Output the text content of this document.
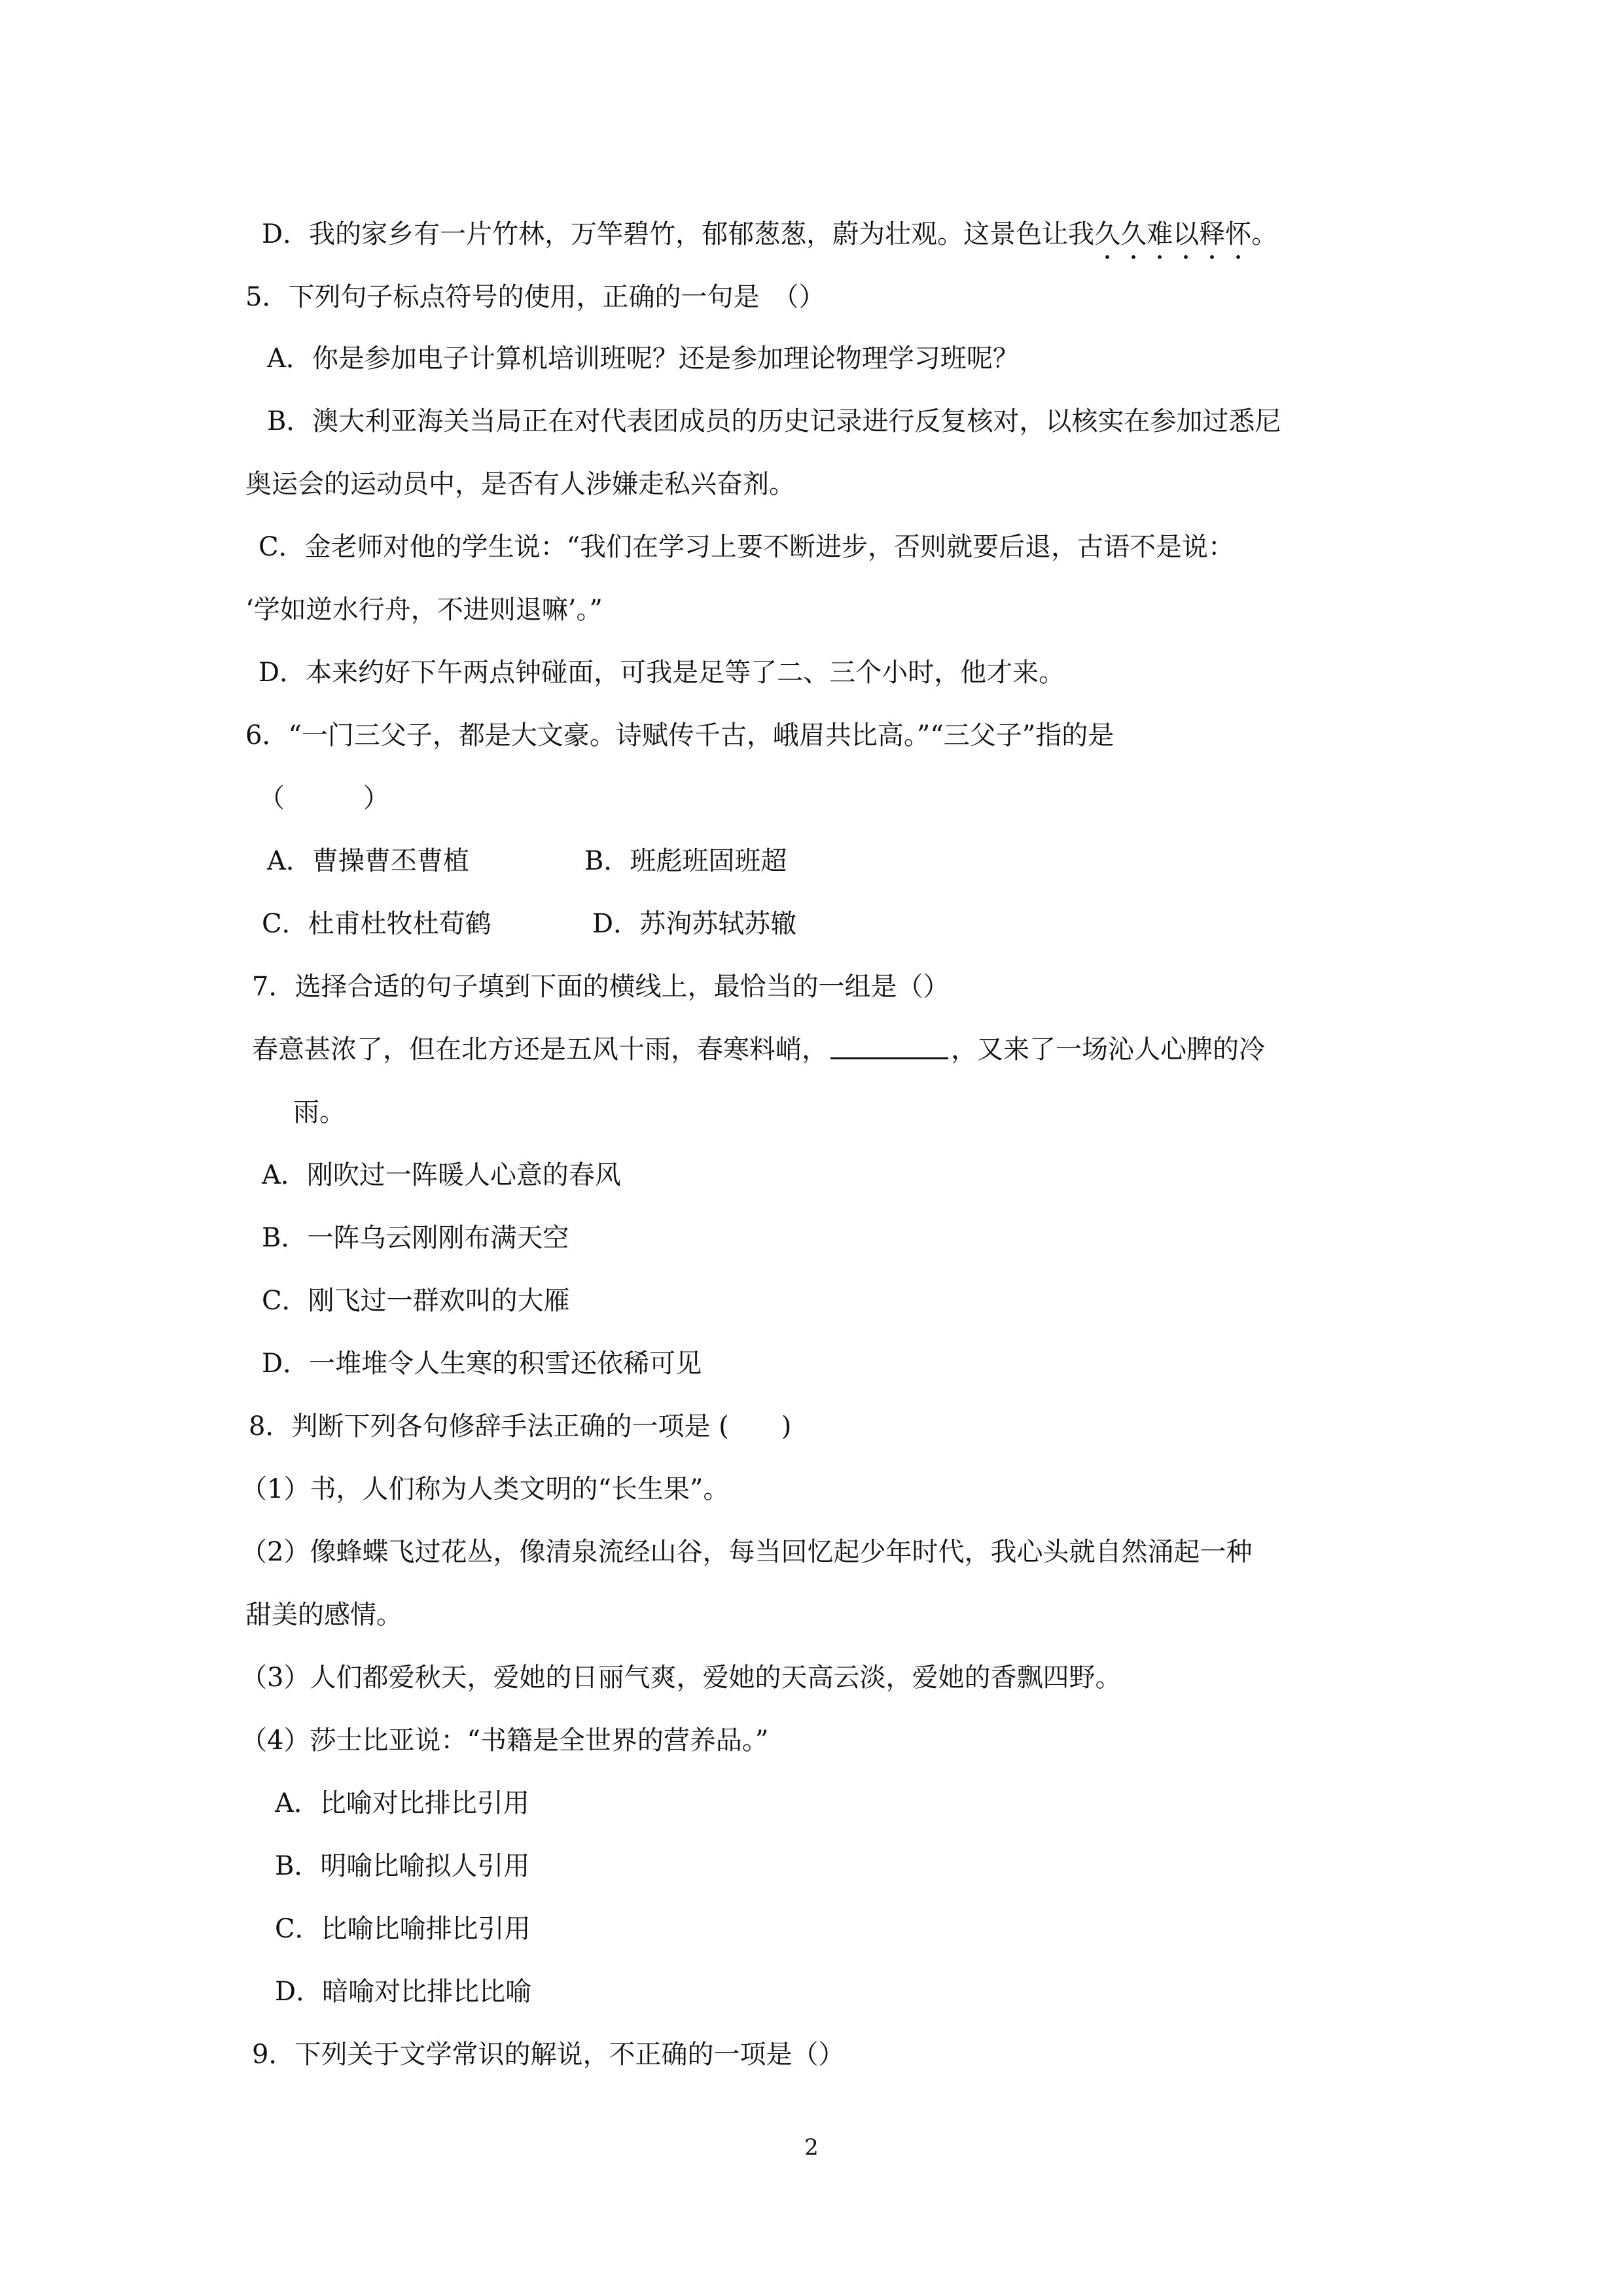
D．我的家乡有一片竹林，万竿碧竹，郁郁葱葱，蔚为壮观。这景色让我久久难以释怀。
5．下列句子标点符号的使用，正确的一句是　（）
A．你是参加电子计算机培训班呢？还是参加理论物理学习班呢？
B．澳大利亚海关当局正在对代表团成员的历史记录进行反复核对，以核实在参加过悉尼
奥运会的运动员中，是否有人涉嫌走私兴奋剂。
C．金老师对他的学生说：“我们在学习上要不断进步，否则就要后退，古语不是说：
‘学如逆水行舟，不进则退嘛’。”
D．本来约好下午两点钟碰面，可我是足等了二、三个小时，他才来。
6．“一门三父子，都是大文豪。诗赋传千古，峨眉共比高。”“三父子”指的是
（　　　）
A．曹操曹丕曹植	B．班彪班固班超
C．杜甫杜牧杜荀鹤	D．苏洵苏轼苏辙
7．选择合适的句子填到下面的横线上，最恰当的一组是（）
春意甚浓了，但在北方还是五风十雨，春寒料峭，	，又来了一场沁人心脾的冷
雨。
A．刚吹过一阵暖人心意的春风
B．一阵乌云刚刚布满天空
C．刚飞过一群欢叫的大雁
D．一堆堆令人生寒的积雪还依稀可见
8．判断下列各句修辞手法正确的一项是 (　　)
（1）书，人们称为人类文明的“长生果”。
（2）像蜂蝶飞过花丛，像清泉流经山谷，每当回忆起少年时代，我心头就自然涌起一种
甜美的感情。
（3）人们都爱秋天，爱她的日丽气爽，爱她的天高云淡，爱她的香飘四野。
（4）莎士比亚说：“书籍是全世界的营养品。”
A．比喻对比排比引用
B．明喻比喻拟人引用
C．比喻比喻排比引用
D．暗喻对比排比比喻
9．下列关于文学常识的解说，不正确的一项是（）
2
